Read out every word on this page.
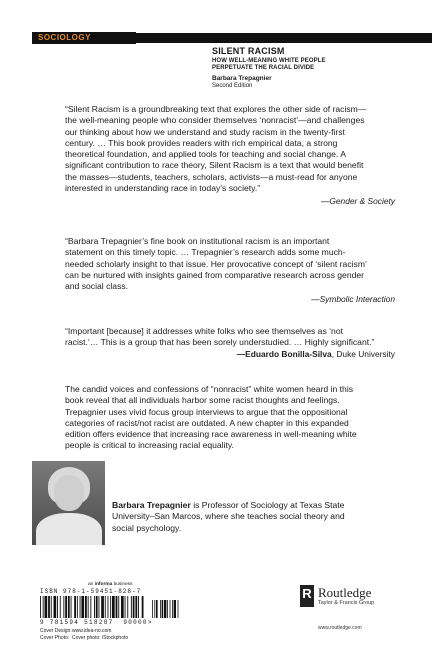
SOCIOLOGY
SILENT RACISM
HOW WELL-MEANING WHITE PEOPLE
PERPETUATE THE RACIAL DIVIDE
Barbara Trepagnier
Second Edition

“Silent Racism is a groundbreaking text that explores the other side of racism—

the well-meaning people who consider themselves ‘nonracist’—and challenges

our thinking about how we understand and study racism in the twenty-first

century. … This book provides readers with rich empirical data, a strong

theoretical foundation, and applied tools for teaching and social change. A

significant contribution to race theory, Silent Racism is a text that would benefit

the masses—students, teachers, scholars, activists—a must-read for anyone

interested in understanding race in today’s society.”

—Gender & Society

“Barbara Trepagnier’s fine book on institutional racism is an important

statement on this timely topic. … Trepagnier’s research adds some much-

needed scholarly insight to that issue. Her provocative concept of ‘silent racism’

can be nurtured with insights gained from comparative research across gender

and social class.

—Symbolic Interaction

“Important [because] it addresses white folks who see themselves as ‘not

racist.’… This is a group that has been sorely understudied. … Highly significant.”

—Eduardo Bonilla-Silva, Duke University
The candid voices and confessions of “nonracist” white women heard in this
book reveal that all individuals harbor some racist thoughts and feelings.
Trepagnier uses vivid focus group interviews to argue that the oppositional
categories of racist/not racist are outdated. A new chapter in this expanded
edition offers evidence that increasing race awareness in well-meaning white
people is critical to increasing racial equality.
Barbara Trepagnier is Professor of Sociology at Texas State
University–San Marcos, where she teaches social theory and
social psychology.
an informa business
ISBN 978-1-59451-828-7
9 781594 518287 90000>
Cover Design:www.idea-no.com
Cover Photo: Cover photo: iStockphoto
R Routledge
Taylor & Francis Group
www.routledge.com
